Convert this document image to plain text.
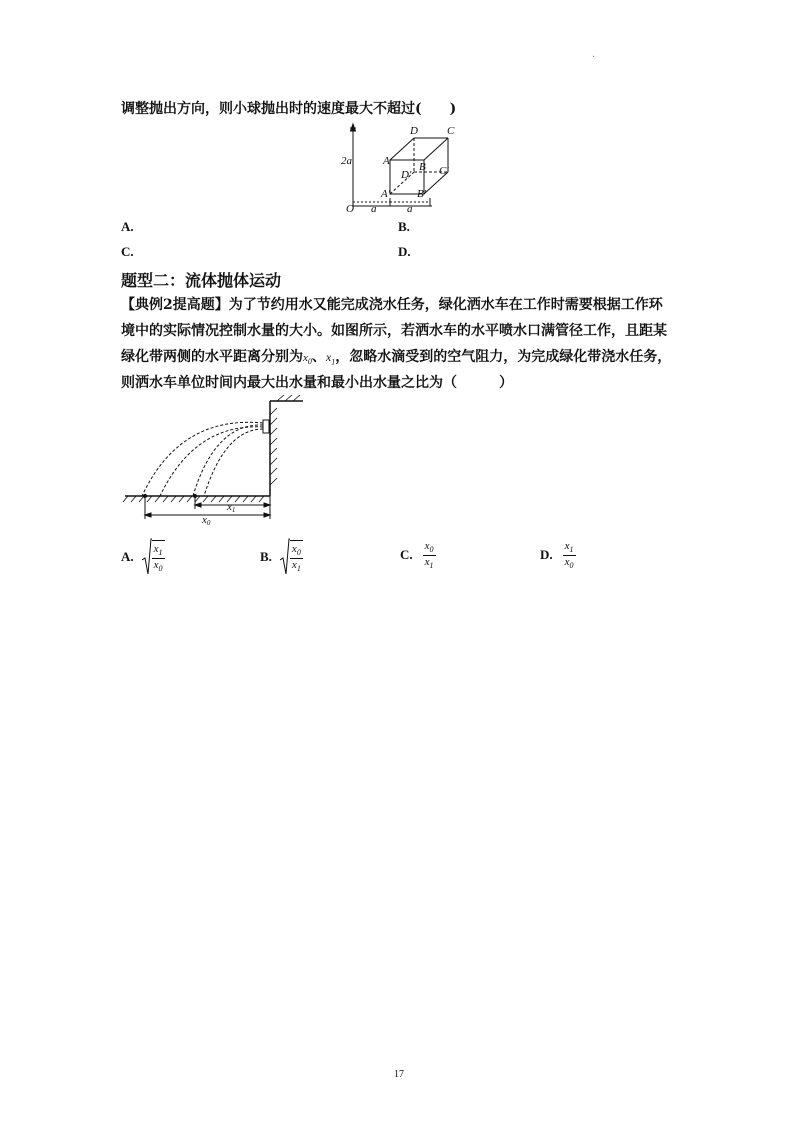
·
调整抛出方向，则小球抛出时的速度最大不超过(　　)
2a
O a	a
D	C
A	B
D'	C'
A' B'
A.	B.
C.	D.
题型二：流体抛体运动
【典例2提高题】为了节约用水又能完成浇水任务，绿化洒水车在工作时需要根据工作环
境中的实际情况控制水量的大小。如图所示，若洒水车的水平喷水口满管径工作，且距某
绿化带两侧的水平距离分别为$x_0$、$x_1$，忽略水滴受到的空气阻力，为完成绿化带浇水任务，
则洒水车单位时间内最大出水量和最小出水量之比为（　　　）
x1
x0
A. $\frac{x_1}{x_0}$	B. $\frac{x_0}{x_1}$	C. $\frac{x_0}{x_1}$	D. $\frac{x_1}{x_0}$
17
